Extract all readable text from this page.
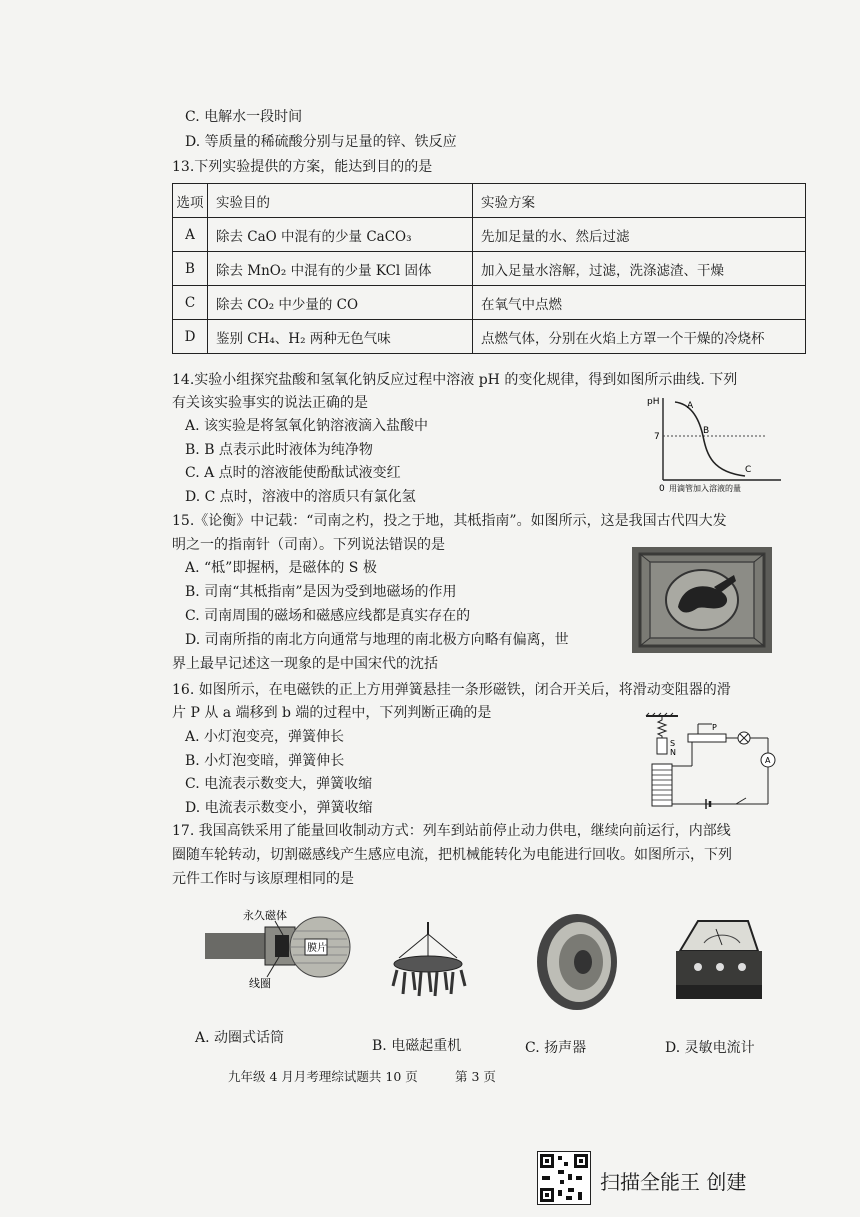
C. 电解水一段时间
D. 等质量的稀硫酸分别与足量的锌、铁反应
13.下列实验提供的方案，能达到目的的是
选项	实验目的	实验方案
A	除去 CaO 中混有的少量 CaCO₃	先加足量的水、然后过滤
B	除去 MnO₂ 中混有的少量 KCl 固体	加入足量水溶解，过滤，洗涤滤渣、干燥
C	除去 CO₂ 中少量的 CO	在氧气中点燃
D	鉴别 CH₄、H₂ 两种无色气味	点燃气体，分别在火焰上方罩一个干燥的冷烧杯
14.实验小组探究盐酸和氢氧化钠反应过程中溶液 pH 的变化规律，得到如图所示曲线. 下列
有关该实验事实的说法正确的是
A. 该实验是将氢氧化钠溶液滴入盐酸中
B. B 点表示此时液体为纯净物
C. A 点时的溶液能使酚酞试液变红
D. C 点时，溶液中的溶质只有氯化氢
pH
7
0 用滴管加入溶液的量
A
B
C
15.《论衡》中记载：“司南之杓，投之于地，其柢指南”。如图所示，这是我国古代四大发
明之一的指南针（司南）。下列说法错误的是
A. “柢”即握柄，是磁体的 S 极
B. 司南“其柢指南”是因为受到地磁场的作用
C. 司南周围的磁场和磁感应线都是真实存在的
D. 司南所指的南北方向通常与地理的南北极方向略有偏离，世
界上最早记述这一现象的是中国宋代的沈括
16. 如图所示，在电磁铁的正上方用弹簧悬挂一条形磁铁，闭合开关后，将滑动变阻器的滑
片 P 从 a 端移到 b 端的过程中，下列判断正确的是
A. 小灯泡变亮，弹簧伸长
B. 小灯泡变暗，弹簧伸长
C. 电流表示数变大，弹簧收缩
D. 电流表示数变小，弹簧收缩
S
N
P
A
17. 我国高铁采用了能量回收制动方式：列车到站前停止动力供电，继续向前运行，内部线
圈随车轮转动，切割磁感线产生感应电流，把机械能转化为电能进行回收。如图所示，下列
元件工作时与该原理相同的是
膜片
永久磁体
线圈
A. 动圈式话筒	B. 电磁起重机	C. 扬声器	D. 灵敏电流计
九年级 4 月月考理综试题共 10 页	第 3 页
扫描全能王 创建
